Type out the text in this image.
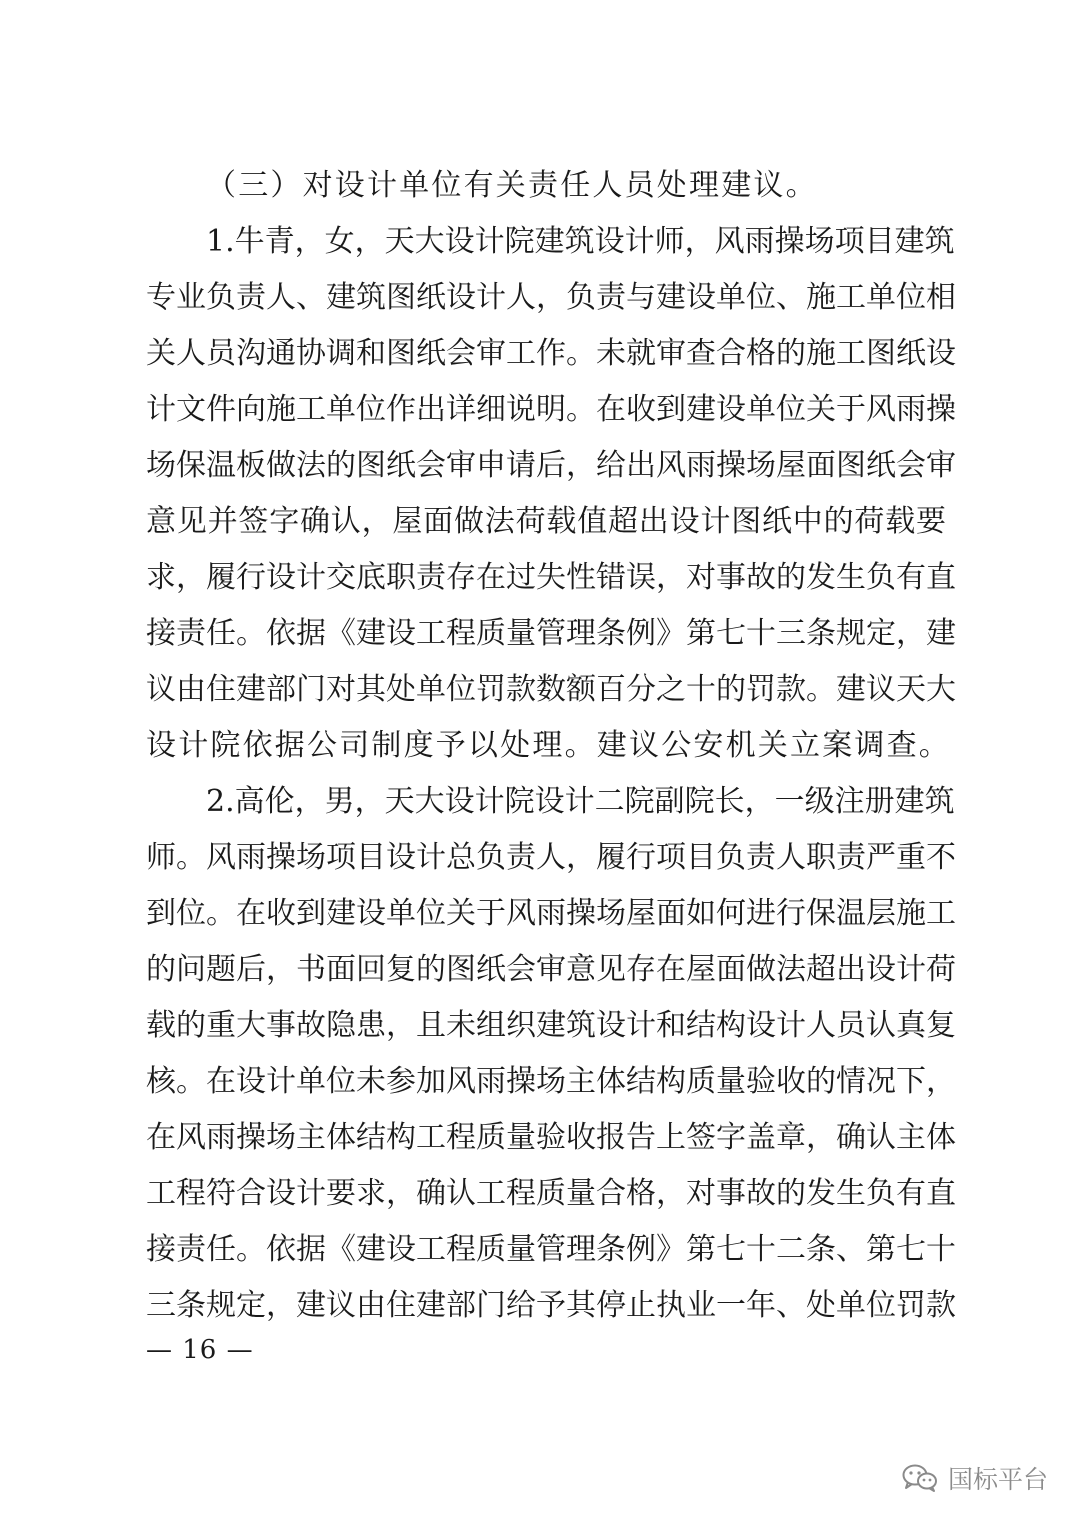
（三）对设计单位有关责任人员处理建议。
1.牛青，女，天大设计院建筑设计师，风雨操场项目建筑
专业负责人、建筑图纸设计人，负责与建设单位、施工单位相
关人员沟通协调和图纸会审工作。未就审查合格的施工图纸设
计文件向施工单位作出详细说明。在收到建设单位关于风雨操
场保温板做法的图纸会审申请后，给出风雨操场屋面图纸会审
意见并签字确认，屋面做法荷载值超出设计图纸中的荷载要
求，履行设计交底职责存在过失性错误，对事故的发生负有直
接责任。依据《建设工程质量管理条例》第七十三条规定，建
议由住建部门对其处单位罚款数额百分之十的罚款。建议天大
设计院依据公司制度予以处理。建议公安机关立案调查。
2.高伦，男，天大设计院设计二院副院长，一级注册建筑
师。风雨操场项目设计总负责人，履行项目负责人职责严重不
到位。在收到建设单位关于风雨操场屋面如何进行保温层施工
的问题后，书面回复的图纸会审意见存在屋面做法超出设计荷
载的重大事故隐患，且未组织建筑设计和结构设计人员认真复
核。在设计单位未参加风雨操场主体结构质量验收的情况下，
在风雨操场主体结构工程质量验收报告上签字盖章，确认主体
工程符合设计要求，确认工程质量合格，对事故的发生负有直
接责任。依据《建设工程质量管理条例》第七十二条、第七十
三条规定，建议由住建部门给予其停止执业一年、处单位罚款
— 16 —
国标平台
